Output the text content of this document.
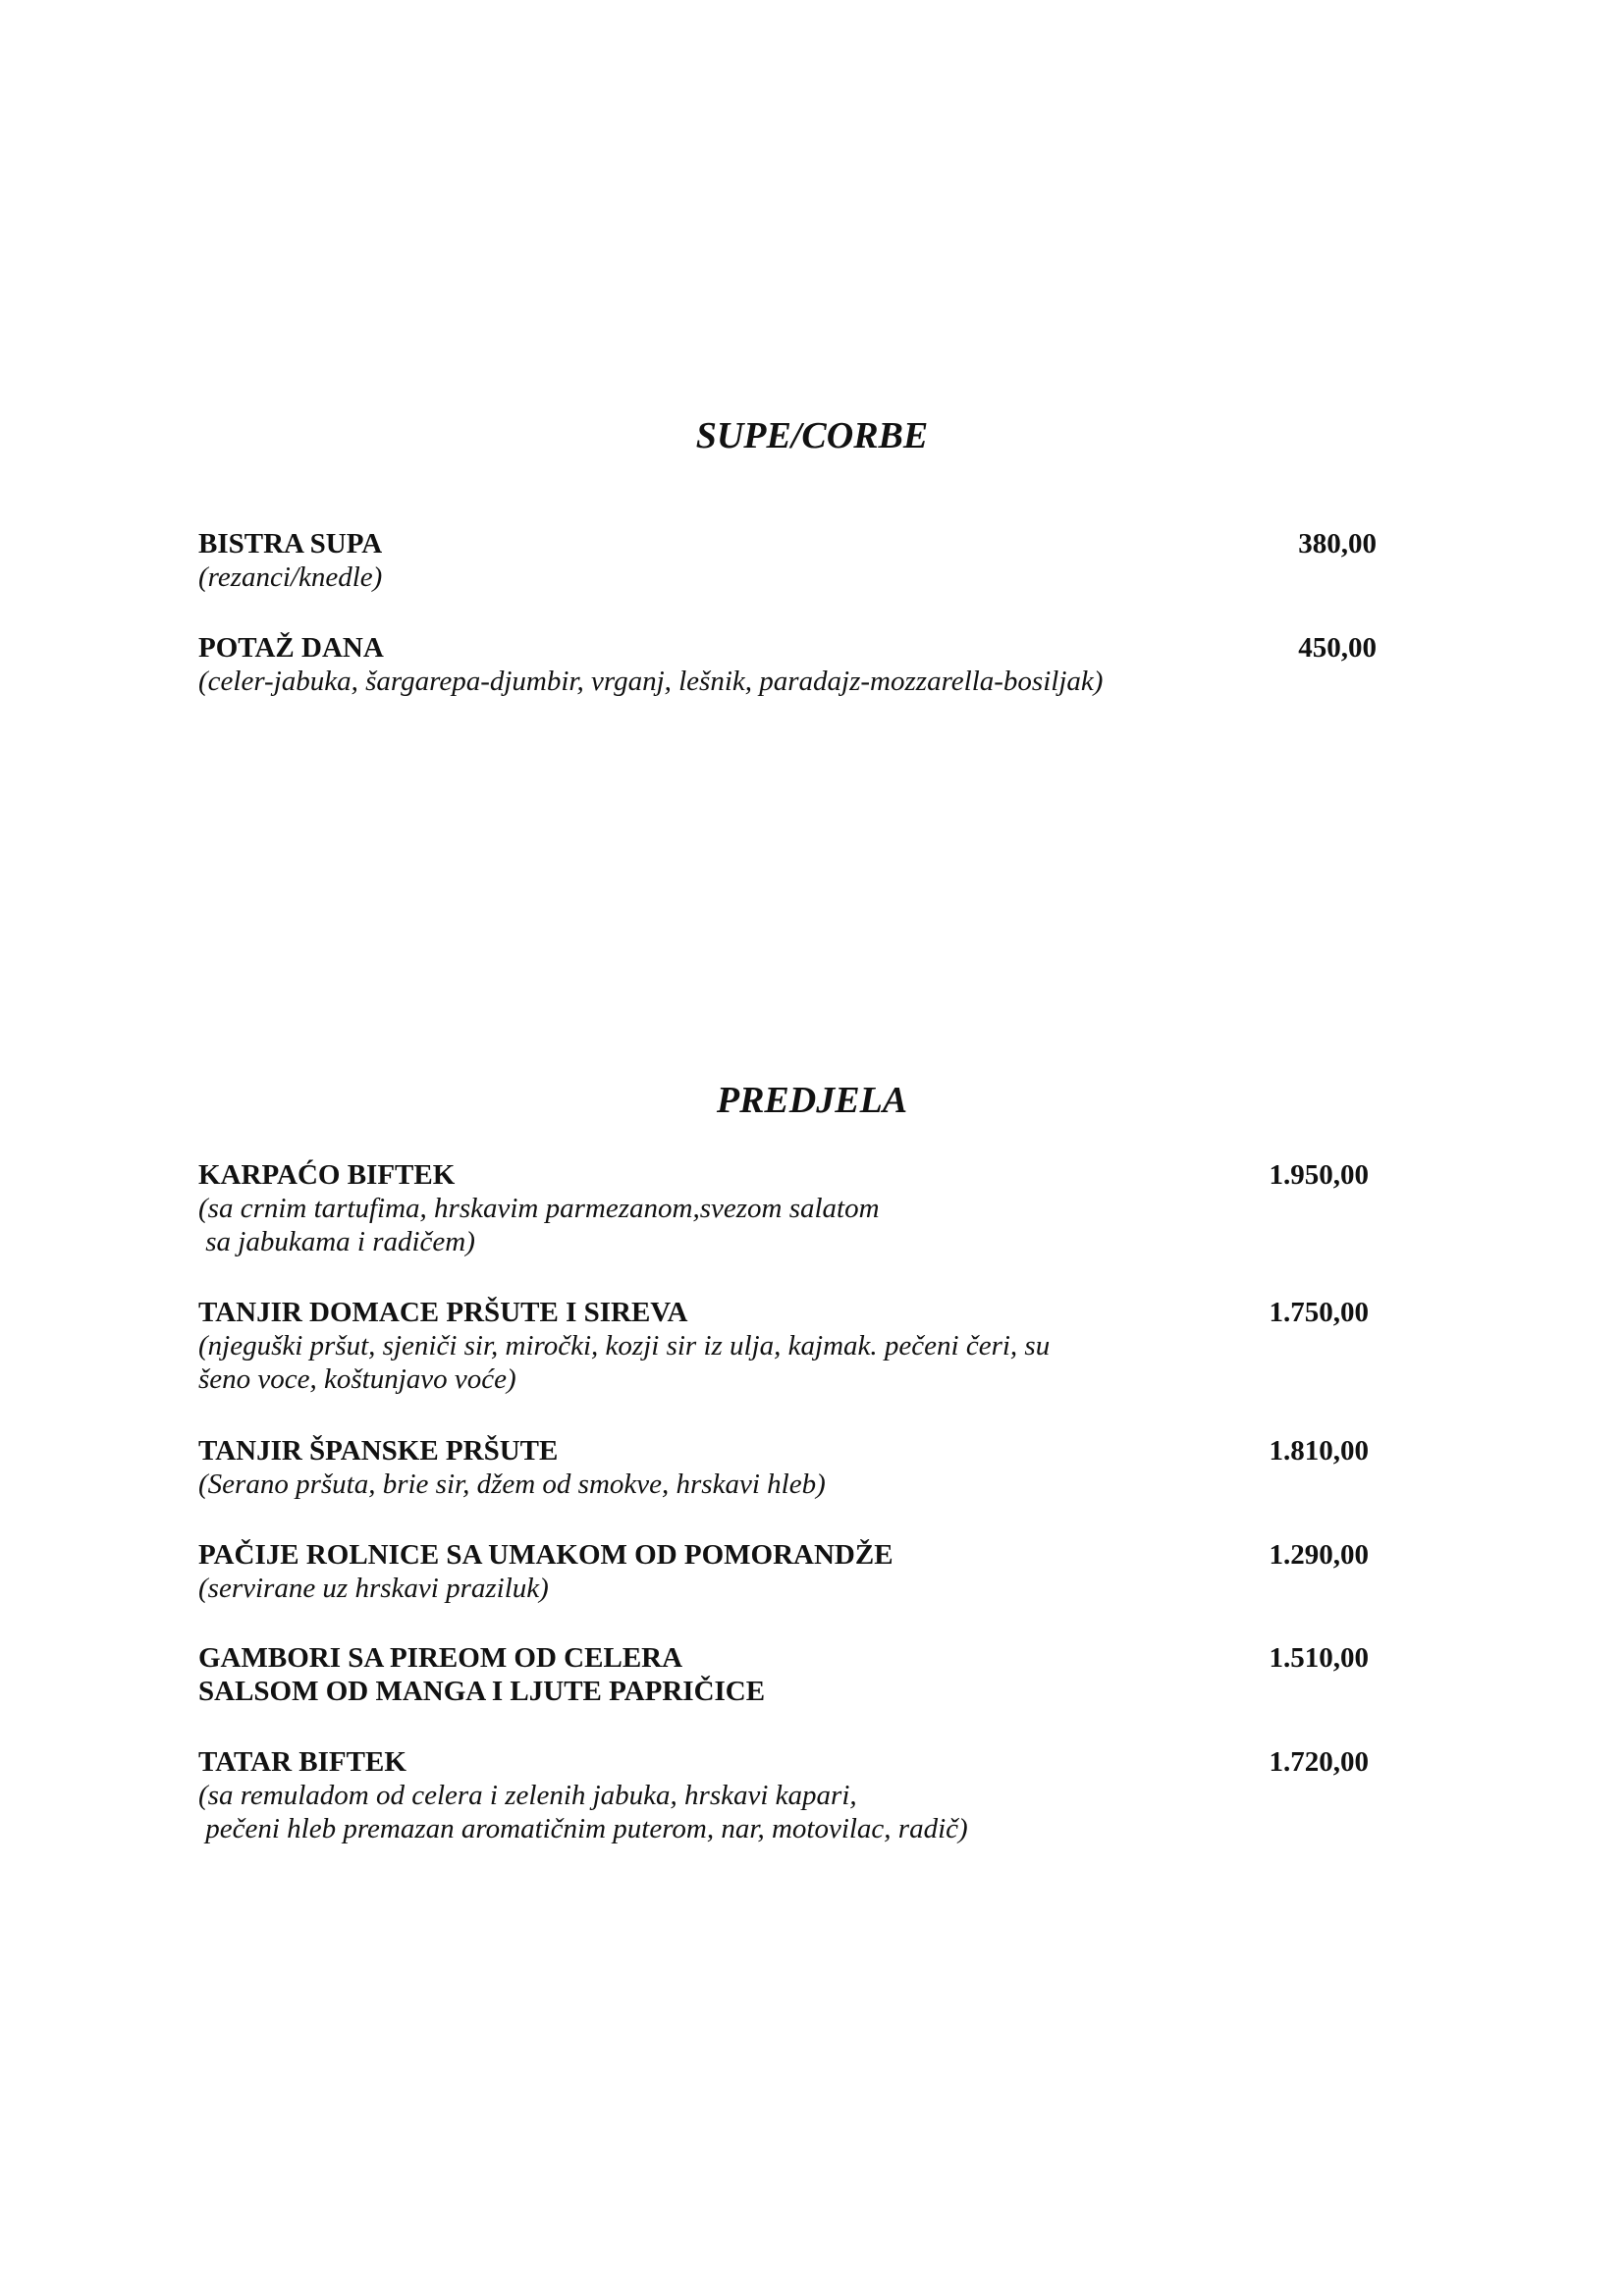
SUPE/CORBE
BISTRA SUPA
(rezanci/knedle)
380,00
POTAŽ DANA
(celer-jabuka, šargarepa-djumbir, vrganj, lešnik, paradajz-mozzarella-bosiljak)
450,00
PREDJELA
KARPAĆO BIFTEK
(sa crnim tartufima, hrskavim parmezanom,svezom salatom
sa jabukama i radičem)
1.950,00
TANJIR DOMACE PRŠUTE I SIREVA
(njeguški pršut, sjeniči sir, miročki, kozji sir iz ulja, kajmak. pečeni čeri, su
šeno voce, koštunjavo voće)
1.750,00
TANJIR ŠPANSKE PRŠUTE
(Serano pršuta, brie sir, džem od smokve, hrskavi hleb)
1.810,00
PAČIJE ROLNICE SA UMAKOM OD POMORANDŽE
(servirane uz hrskavi praziluk)
1.290,00
GAMBORI SA PIREOM OD CELERA
SALSOM OD MANGA I LJUTE PAPRIČICE
1.510,00
TATAR BIFTEK
(sa remuladom od celera i zelenih jabuka, hrskavi kapari,
pečeni hleb premazan aromatičnim puterom, nar, motovilac, radič)
1.720,00
